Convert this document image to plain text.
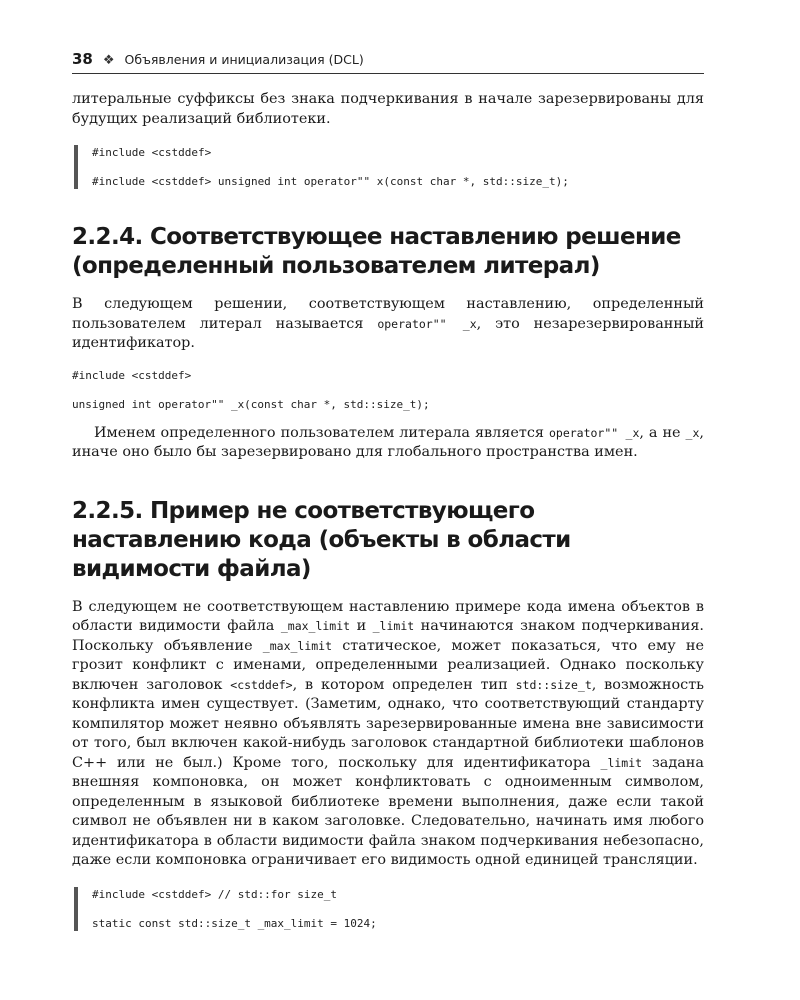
38 ❖ Объявления и инициализация (DCL)

литеральные суффиксы без знака подчеркивания в начале зарезервированы для будущих реализаций библиотеки.

#include <cstddef>
#include <cstddef> unsigned int operator"" x(const char *, std::size_t);
2.2.4. Соответствующее наставлению решение (определенный пользователем литерал)

В следующем решении, соответствующем наставлению, определенный пользователем литерал называется operator"" _x, это незарезервированный идентификатор.

#include <cstddef>
unsigned int operator"" _x(const char *, std::size_t);

Именем определенного пользователем литерала является operator"" _x, а не _x, иначе оно было бы зарезервировано для глобального пространства имен.

2.2.5. Пример не соответствующего наставлению кода (объекты в области видимости файла)

В следующем не соответствующем наставлению примере кода имена объектов в области видимости файла _max_limit и _limit начинаются знаком подчеркивания. Поскольку объявление _max_limit статическое, может показаться, что ему не грозит конфликт с именами, определенными реализацией. Однако поскольку включен заголовок <cstddef>, в котором определен тип std::size_t, возможность конфликта имен существует. (Заметим, однако, что соответствующий стандарту компилятор может неявно объявлять зарезервированные имена вне зависимости от того, был включен какой-нибудь заголовок стандартной библиотеки шаблонов C++ или не был.) Кроме того, поскольку для идентификатора _limit задана внешняя компоновка, он может конфликтовать с одноименным символом, определенным в языковой библиотеке времени выполнения, даже если такой символ не объявлен ни в каком заголовке. Следовательно, начинать имя любого идентификатора в области видимости файла знаком подчеркивания небезопасно, даже если компоновка ограничивает его видимость одной единицей трансляции.

#include <cstddef> // std::for size_t
static const std::size_t _max_limit = 1024;
